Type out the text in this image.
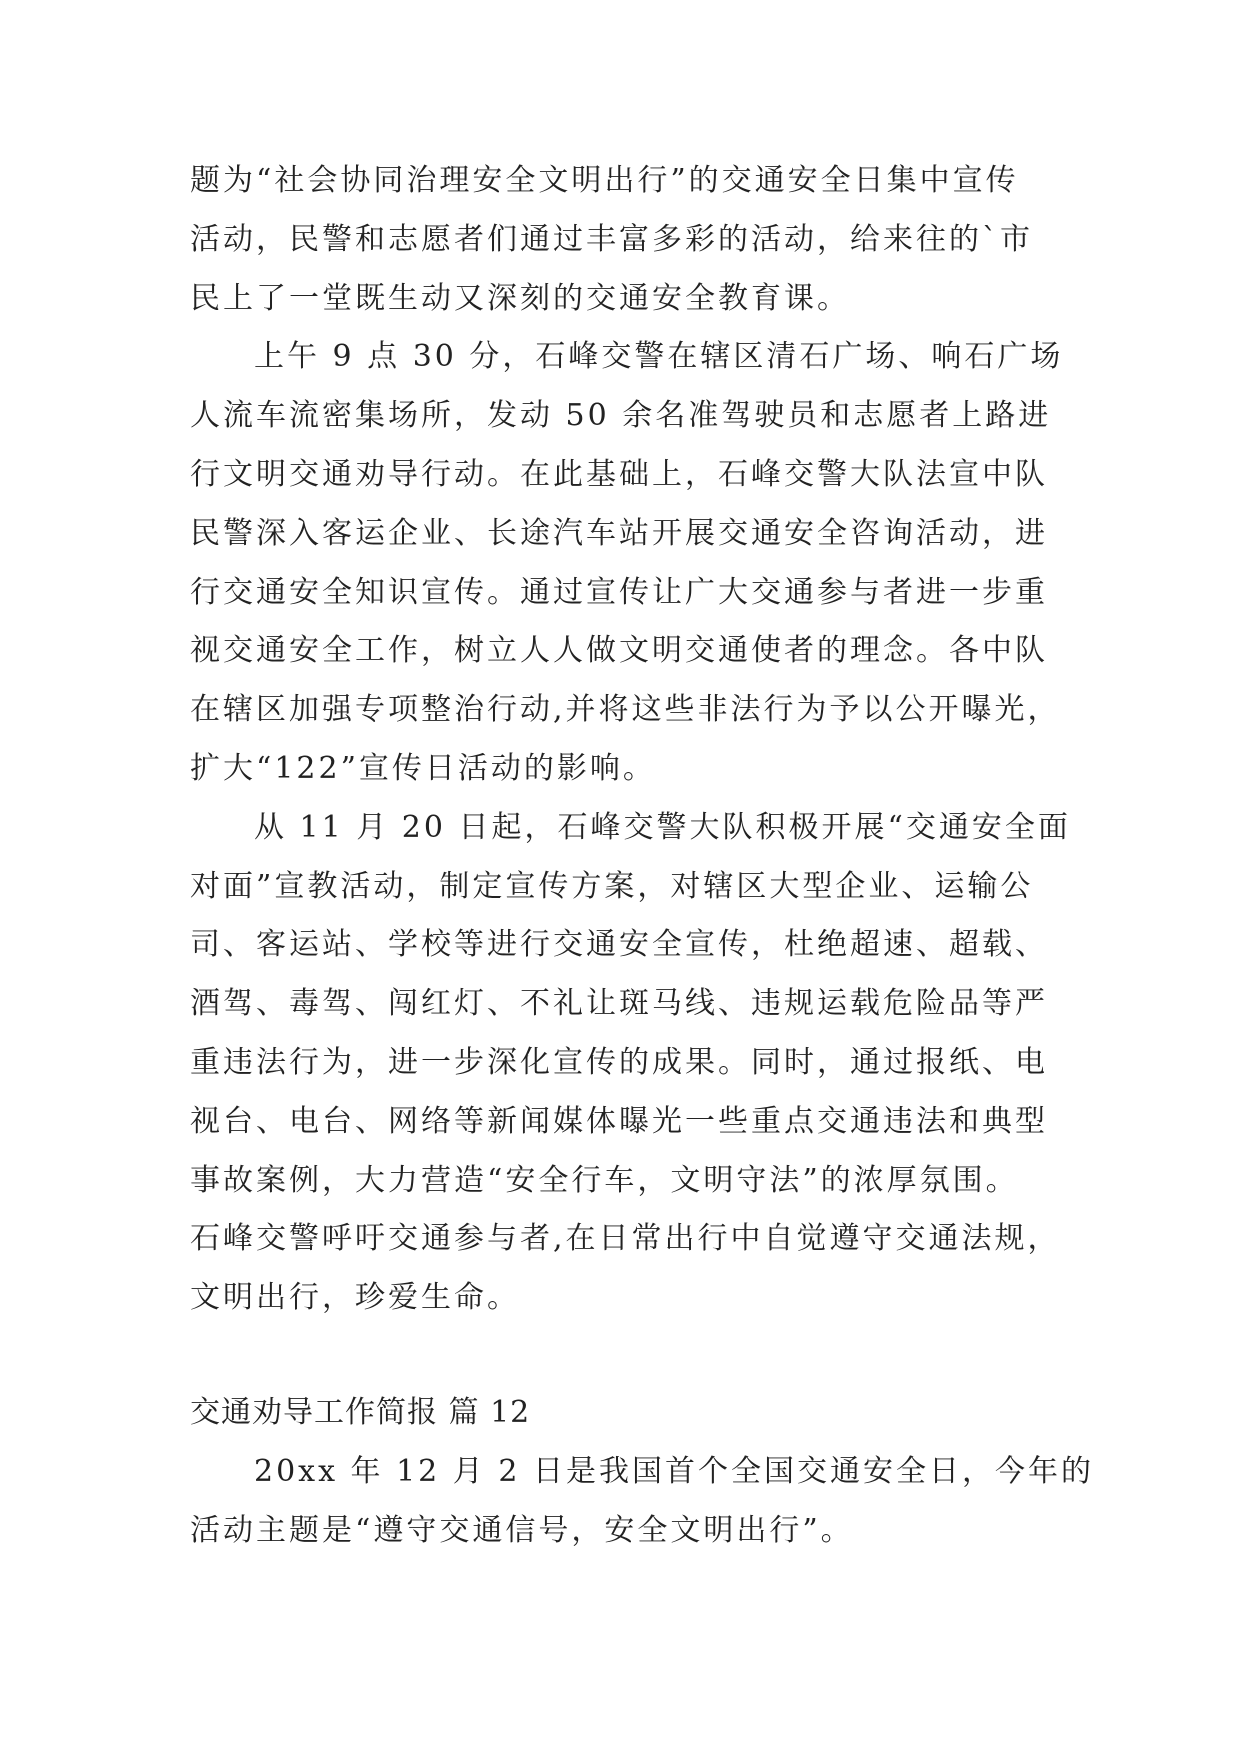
题为“社会协同治理安全文明出行”的交通安全日集中宣传
活动，民警和志愿者们通过丰富多彩的活动，给来往的`市
民上了一堂既生动又深刻的交通安全教育课。
上午 9 点 30 分，石峰交警在辖区清石广场、响石广场
人流车流密集场所，发动 50 余名准驾驶员和志愿者上路进
行文明交通劝导行动。在此基础上，石峰交警大队法宣中队
民警深入客运企业、长途汽车站开展交通安全咨询活动，进
行交通安全知识宣传。通过宣传让广大交通参与者进一步重
视交通安全工作，树立人人做文明交通使者的理念。各中队
在辖区加强专项整治行动,并将这些非法行为予以公开曝光，
扩大“122”宣传日活动的影响。
从 11 月 20 日起，石峰交警大队积极开展“交通安全面
对面”宣教活动，制定宣传方案，对辖区大型企业、运输公
司、客运站、学校等进行交通安全宣传，杜绝超速、超载、
酒驾、毒驾、闯红灯、不礼让斑马线、违规运载危险品等严
重违法行为，进一步深化宣传的成果。同时，通过报纸、电
视台、电台、网络等新闻媒体曝光一些重点交通违法和典型
事故案例，大力营造“安全行车，文明守法”的浓厚氛围。
石峰交警呼吁交通参与者,在日常出行中自觉遵守交通法规，
文明出行，珍爱生命。
交通劝导工作简报 篇 12
20xx 年 12 月 2 日是我国首个全国交通安全日，今年的
活动主题是“遵守交通信号，安全文明出行”。
